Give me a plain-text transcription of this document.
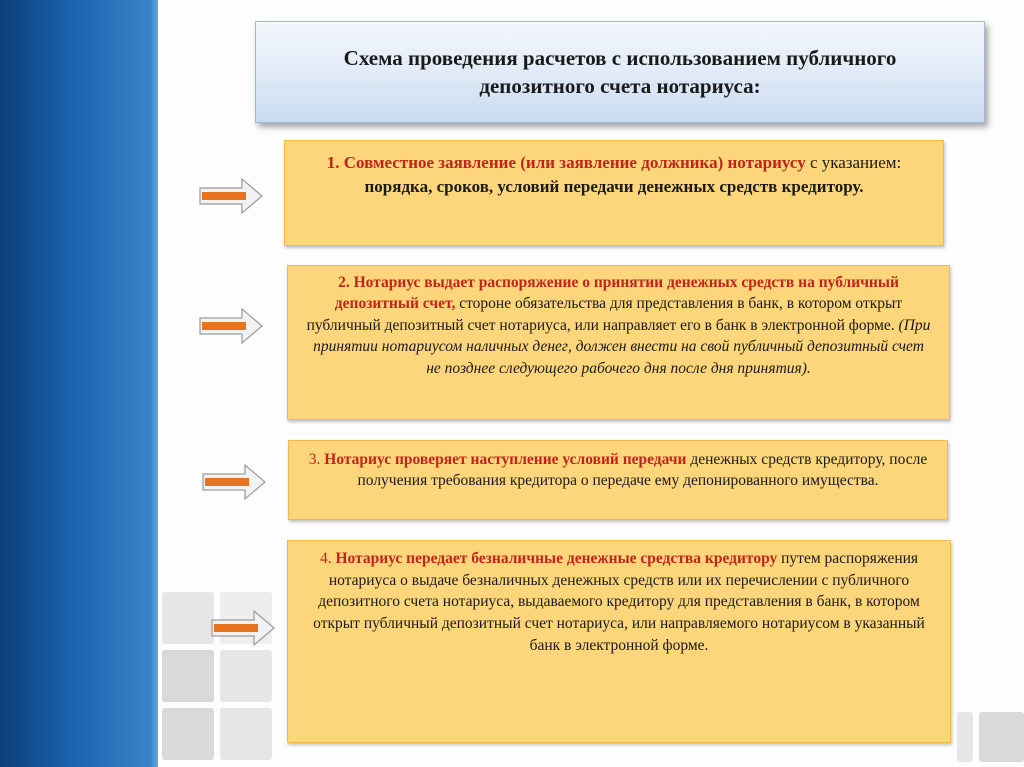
Схема проведения расчетов с использованием публичного
депозитного счета нотариуса:
1. Совместное заявление (или заявление должника) нотариусу с указанием: порядка, сроков, условий передачи денежных средств кредитору.
2. Нотариус выдает распоряжение о принятии денежных средств на публичный депозитный счет, стороне обязательства для представления в банк, в котором открыт публичный депозитный счет нотариуса, или направляет его в банк в электронной форме. (При принятии нотариусом наличных денег, должен внести на свой публичный депозитный счет не позднее следующего рабочего дня после дня принятия).
3. Нотариус проверяет наступление условий передачи денежных средств кредитору, после получения требования кредитора о передаче ему депонированного имущества.
4. Нотариус передает безналичные денежные средства кредитору путем распоряжения нотариуса о выдаче безналичных денежных средств или их перечислении с публичного депозитного счета нотариуса, выдаваемого кредитору для представления в банк, в котором открыт публичный депозитный счет нотариуса, или направляемого нотариусом в указанный банк в электронной форме.
